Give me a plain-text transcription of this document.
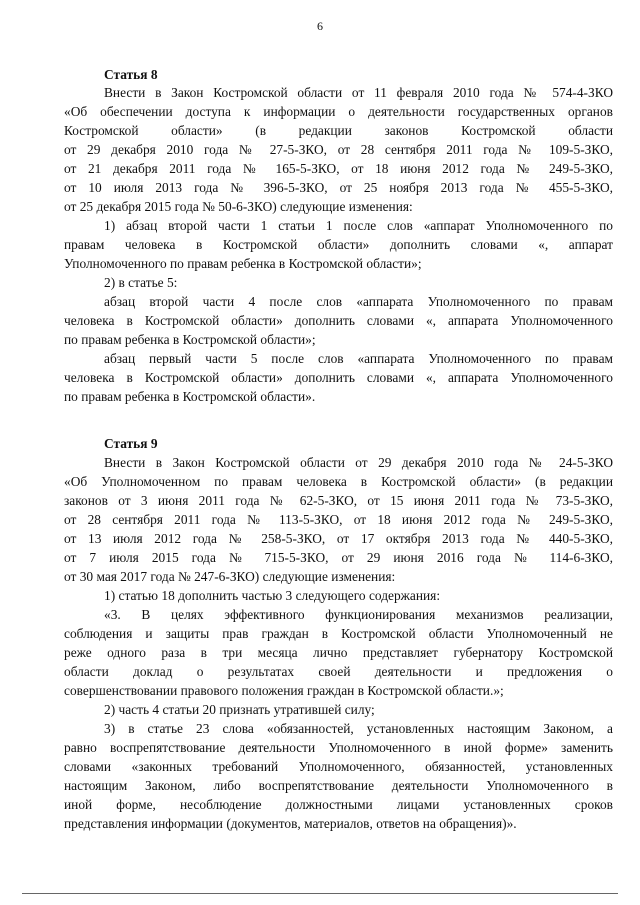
6
Статья 8
Внести в Закон Костромской области от 11 февраля 2010 года № 574-4-ЗКО
«Об обеспечении доступа к информации о деятельности государственных органов
Костромской области» (в редакции законов Костромской области
от 29 декабря 2010 года № 27-5-ЗКО, от 28 сентября 2011 года № 109-5-ЗКО,
от 21 декабря 2011 года № 165-5-ЗКО, от 18 июня 2012 года № 249-5-ЗКО,
от 10 июля 2013 года № 396-5-ЗКО, от 25 ноября 2013 года № 455-5-ЗКО,
от 25 декабря 2015 года № 50-6-ЗКО) следующие изменения:
1) абзац второй части 1 статьи 1 после слов «аппарат Уполномоченного по
правам человека в Костромской области» дополнить словами «, аппарат
Уполномоченного по правам ребенка в Костромской области»;
2) в статье 5:
абзац второй части 4 после слов «аппарата Уполномоченного по правам
человека в Костромской области» дополнить словами «, аппарата Уполномоченного
по правам ребенка в Костромской области»;
абзац первый части 5 после слов «аппарата Уполномоченного по правам
человека в Костромской области» дополнить словами «, аппарата Уполномоченного
по правам ребенка в Костромской области».
Статья 9
Внести в Закон Костромской области от 29 декабря 2010 года № 24-5-ЗКО
«Об Уполномоченном по правам человека в Костромской области» (в редакции
законов от 3 июня 2011 года № 62-5-ЗКО, от 15 июня 2011 года № 73-5-ЗКО,
от 28 сентября 2011 года № 113-5-ЗКО, от 18 июня 2012 года № 249-5-ЗКО,
от 13 июля 2012 года № 258-5-ЗКО, от 17 октября 2013 года № 440-5-ЗКО,
от 7 июля 2015 года № 715-5-ЗКО, от 29 июня 2016 года № 114-6-ЗКО,
от 30 мая 2017 года № 247-6-ЗКО) следующие изменения:
1) статью 18 дополнить частью 3 следующего содержания:
«3. В целях эффективного функционирования механизмов реализации,
соблюдения и защиты прав граждан в Костромской области Уполномоченный не
реже одного раза в три месяца лично представляет губернатору Костромской
области доклад о результатах своей деятельности и предложения о
совершенствовании правового положения граждан в Костромской области.»;
2) часть 4 статьи 20 признать утратившей силу;
3) в статье 23 слова «обязанностей, установленных настоящим Законом, а
равно воспрепятствование деятельности Уполномоченного в иной форме» заменить
словами «законных требований Уполномоченного, обязанностей, установленных
настоящим Законом, либо воспрепятствование деятельности Уполномоченного в
иной форме, несоблюдение должностными лицами установленных сроков
представления информации (документов, материалов, ответов на обращения)».
